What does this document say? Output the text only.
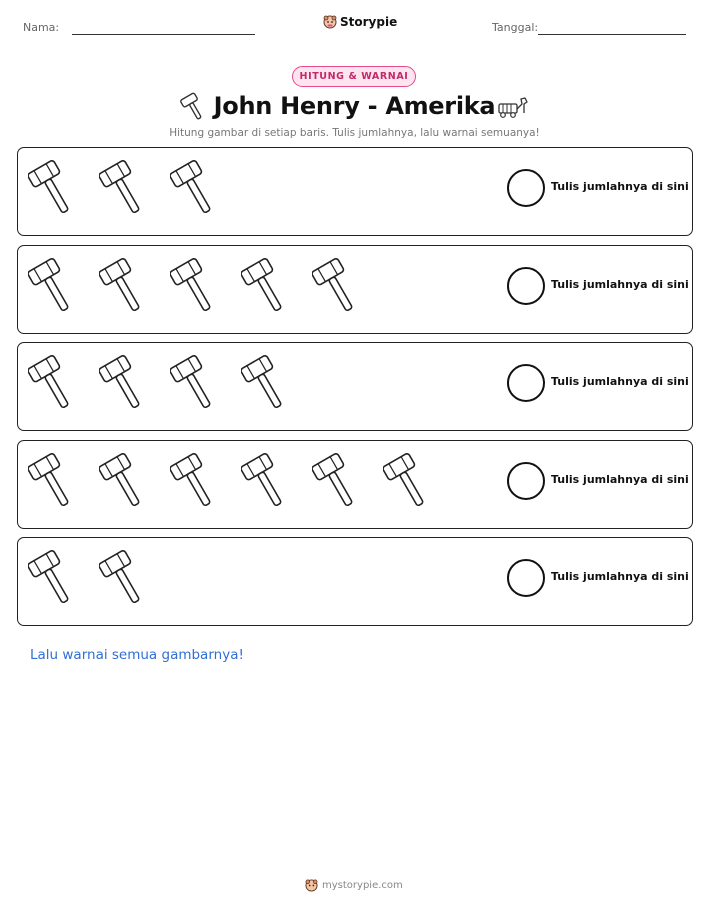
Nama:	Storypie	Tanggal:
HITUNG & WARNAI
John Henry - Amerika
Hitung gambar di setiap baris. Tulis jumlahnya, lalu warnai semuanya!
Tulis jumlahnya di sini
Tulis jumlahnya di sini
Tulis jumlahnya di sini
Tulis jumlahnya di sini
Tulis jumlahnya di sini
Lalu warnai semua gambarnya!
mystorypie.com
